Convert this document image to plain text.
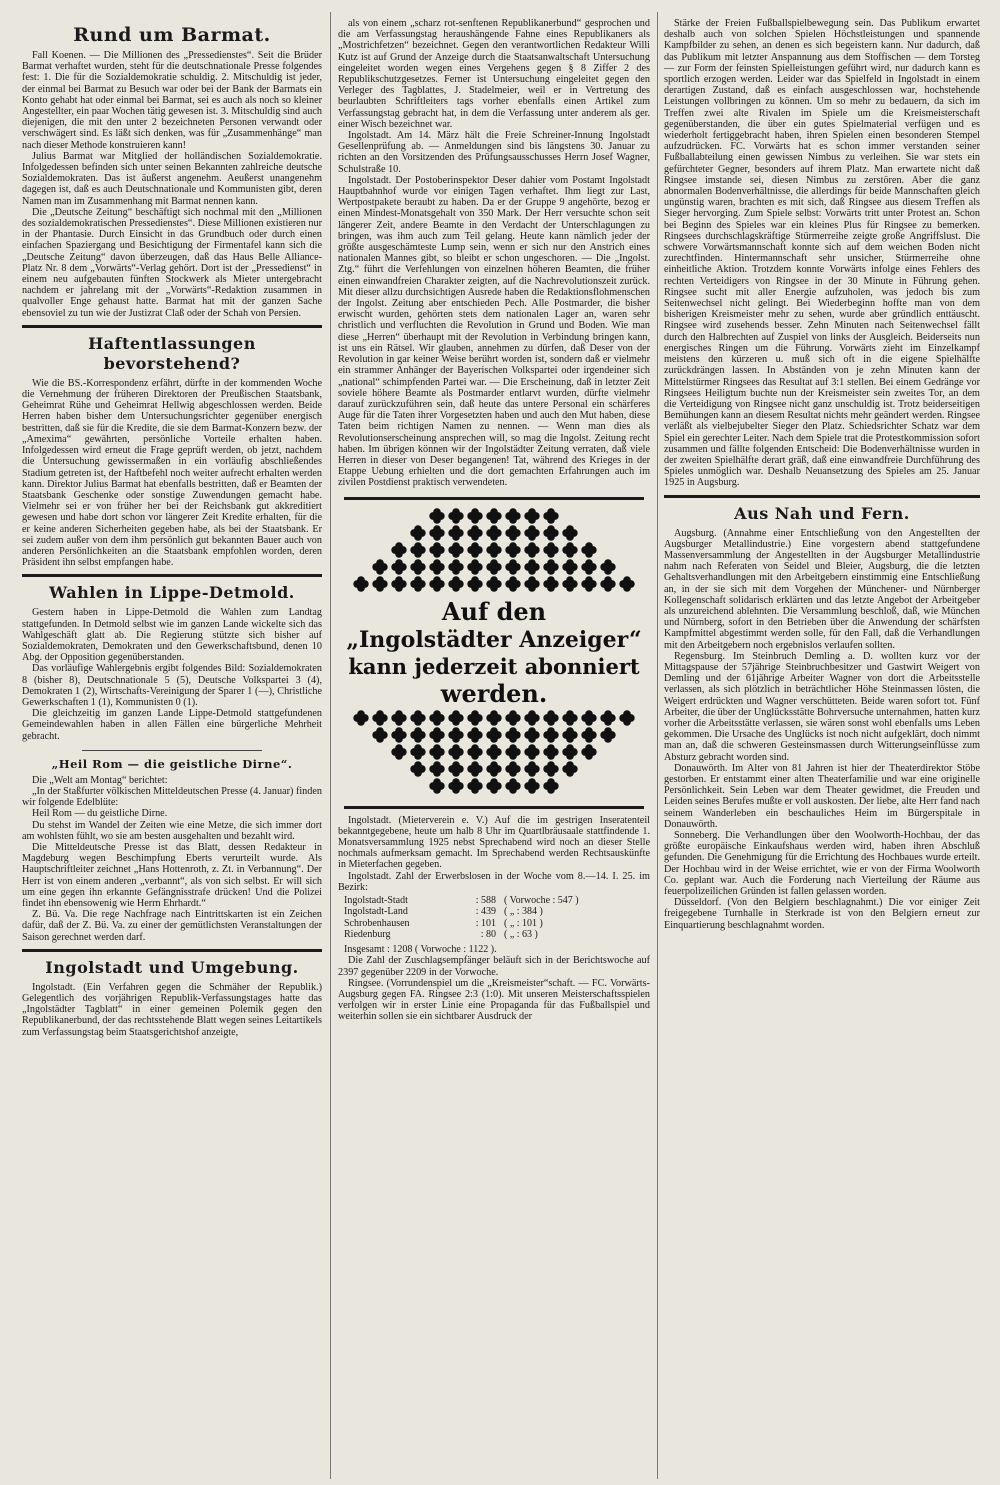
Rund um Barmat.

Fall Koenen. — Die Millionen des „Pressedienstes“. Seit die Brüder Barmat verhaftet wurden, steht für die deutschnationale Presse folgendes fest: 1. Die für die Sozialdemokratie schuldig. 2. Mitschuldig ist jeder, der einmal bei Barmat zu Besuch war oder bei der Bank der Barmats ein Konto gehabt hat oder einmal bei Barmat, sei es auch als noch so kleiner Angestellter, ein paar Wochen tätig gewesen ist. 3. Mitschuldig sind auch diejenigen, die mit den unter 2 bezeichneten Personen verwandt oder verschwägert sind. Es läßt sich denken, was für „Zusammenhänge“ man nach dieser Methode konstruieren kann!

Julius Barmat war Mitglied der holländischen Sozialdemokratie. Infolgedessen befinden sich unter seinen Bekannten zahlreiche deutsche Sozialdemokraten. Das ist äußerst angenehm. Aeußerst unangenehm dagegen ist, daß es auch Deutschnationale und Kommunisten gibt, deren Namen man im Zusammenhang mit Barmat nennen kann.

Die „Deutsche Zeitung“ beschäftigt sich nochmal mit den „Millionen des sozialdemokratischen Pressedienstes“. Diese Millionen existieren nur in der Phantasie. Durch Einsicht in das Grundbuch oder durch einen einfachen Spaziergang und Besichtigung der Firmentafel kann sich die „Deutsche Zeitung“ davon überzeugen, daß das Haus Belle Alliance-Platz Nr. 8 dem „Vorwärts“-Verlag gehört. Dort ist der „Pressedienst“ in einem neu aufgebauten fünften Stockwerk als Mieter untergebracht nachdem er jahrelang mit der „Vorwärts“-Redaktion zusammen in qualvoller Enge gehaust hatte. Barmat hat mit der ganzen Sache ebensoviel zu tun wie der Justizrat Claß oder der Schah von Persien.

Haftentlassungen bevorstehend?

Wie die BS.-Korrespondenz erfährt, dürfte in der kommenden Woche die Vernehmung der früheren Direktoren der Preußischen Staatsbank, Geheimrat Rühe und Geheimrat Hellwig abgeschlossen werden. Beide Herren haben bisher dem Untersuchungsrichter gegenüber energisch bestritten, daß sie für die Kredite, die sie dem Barmat-Konzern bezw. der „Amexima“ gewährten, persönliche Vorteile erhalten haben. Infolgedessen wird erneut die Frage geprüft werden, ob jetzt, nachdem die Untersuchung gewissermaßen in ein vorläufig abschließendes Stadium getreten ist, der Haftbefehl noch weiter aufrecht erhalten werden kann. Direktor Julius Barmat hat ebenfalls bestritten, daß er Beamten der Staatsbank Geschenke oder sonstige Zuwendungen gemacht habe. Vielmehr sei er von früher her bei der Reichsbank gut akkreditiert gewesen und habe dort schon vor längerer Zeit Kredite erhalten, für die er keine anderen Sicherheiten gegeben habe, als bei der Staatsbank. Er sei zudem außer von dem ihm persönlich gut bekannten Bauer auch von anderen Persönlichkeiten an die Staatsbank empfohlen worden, deren Präsident ihn selbst empfangen habe.

Wahlen in Lippe-Detmold.

Gestern haben in Lippe-Detmold die Wahlen zum Landtag stattgefunden. In Detmold selbst wie im ganzen Lande wickelte sich das Wahlgeschäft glatt ab. Die Regierung stützte sich bisher auf Sozialdemokraten, Demokraten und den Gewerkschaftsbund, denen 10 Abg. der Opposition gegenüberstanden.

Das vorläufige Wahlergebnis ergibt folgendes Bild: Sozialdemokraten 8 (bisher 8), Deutschnationale 5 (5), Deutsche Volkspartei 3 (4), Demokraten 1 (2), Wirtschafts-Vereinigung der Sparer 1 (—), Christliche Gewerkschaften 1 (1), Kommunisten 0 (1).

Die gleichzeitig im ganzen Lande Lippe-Detmold stattgefundenen Gemeindewahlen haben in allen Fällen eine bürgerliche Mehrheit gebracht.

„Heil Rom — die geistliche Dirne“.

Die „Welt am Montag“ berichtet:

„In der Staßfurter völkischen Mitteldeutschen Presse (4. Januar) finden wir folgende Edelblüte:

Heil Rom — du geistliche Dirne.

Du stehst im Wandel der Zeiten wie eine Metze, die sich immer dort am wohlsten fühlt, wo sie am besten ausgehalten und bezahlt wird.

Die Mitteldeutsche Presse ist das Blatt, dessen Redakteur in Magdeburg wegen Beschimpfung Eberts verurteilt wurde. Als Hauptschriftleiter zeichnet „Hans Hottenroth, z. Zt. in Verbannung“. Der Herr ist von einem anderen „verbannt“, als von sich selbst. Er will sich um eine gegen ihn erkannte Gefängnisstrafe drücken! Und die Polizei findet ihn ebensowenig wie Herrn Ehrhardt.“

Z. Bü. Va. Die rege Nachfrage nach Eintrittskarten ist ein Zeichen dafür, daß der Z. Bü. Va. zu einer der gemütlichsten Veranstaltungen der Saison gerechnet werden darf.

Ingolstadt und Umgebung.

Ingolstadt. (Ein Verfahren gegen die Schmäher der Republik.) Gelegentlich des vorjährigen Republik-Verfassungstages hatte das „Ingolstädter Tagblatt“ in einer gemeinen Polemik gegen den Republikanerbund, der das rechtsstehende Blatt wegen seines Leitartikels zum Verfassungstag beim Staatsgerichtshof anzeigte,

als von einem „scharz rot-senftenen Republikanerbund“ gesprochen und die am Verfassungstag heraushängende Fahne eines Republikaners als „Mostrichfetzen“ bezeichnet. Gegen den verantwortlichen Redakteur Willi Kutz ist auf Grund der Anzeige durch die Staatsanwaltschaft Untersuchung eingeleitet worden wegen eines Vergehens gegen § 8 Ziffer 2 des Republikschutzgesetzes. Ferner ist Untersuchung eingeleitet gegen den Verleger des Tagblattes, J. Stadelmeier, weil er in Vertretung des beurlaubten Schriftleiters tags vorher ebenfalls einen Artikel zum Verfassungstag gebracht hat, in dem die Verfassung unter anderem als ger. einer Wisch bezeichnet war.

Ingolstadt. Am 14. März hält die Freie Schreiner-Innung Ingolstadt Gesellenprüfung ab. — Anmeldungen sind bis längstens 30. Januar zu richten an den Vorsitzenden des Prüfungsausschusses Herrn Josef Wagner, Schulstraße 10.

Ingolstadt. Der Postoberinspektor Deser dahier vom Postamt Ingolstadt Hauptbahnhof wurde vor einigen Tagen verhaftet. Ihm liegt zur Last, Wertpostpakete beraubt zu haben. Da er der Gruppe 9 angehörte, bezog er einen Mindest-Monatsgehalt von 350 Mark. Der Herr versuchte schon seit längerer Zeit, andere Beamte in den Verdacht der Unterschlagungen zu bringen, was ihm auch zum Teil gelang. Heute kann nämlich jeder der größte ausgeschämteste Lump sein, wenn er sich nur den Anstrich eines nationalen Mannes gibt, so bleibt er schon ungeschoren. — Die „Ingolst. Ztg.“ führt die Verfehlungen von einzelnen höheren Beamten, die früher einen einwandfreien Charakter zeigten, auf die Nachrevolutionszeit zurück. Mit dieser allzu durchsichtigen Ausrede haben die Redaktionsflohmenschen der Ingolst. Zeitung aber entschieden Pech. Alle Postmarder, die bisher erwischt wurden, gehörten stets dem nationalen Lager an, waren sehr christlich und verfluchten die Revolution in Grund und Boden. Wie man diese „Herren“ überhaupt mit der Revolution in Verbindung bringen kann, ist uns ein Rätsel. Wir glauben, annehmen zu dürfen, daß Deser von der Revolution in gar keiner Weise berührt worden ist, sondern daß er vielmehr ein strammer Anhänger der Bayerischen Volkspartei oder irgendeiner sich „national“ schimpfenden Partei war. — Die Erscheinung, daß in letzter Zeit soviele höhere Beamte als Postmarder entlarvt wurden, dürfte vielmehr darauf zurückzuführen sein, daß heute das untere Personal ein schärferes Auge für die Taten ihrer Vorgesetzten haben und auch den Mut haben, diese Taten beim richtigen Namen zu nennen. — Wenn man dies als Revolutionserscheinung ansprechen will, so mag die Ingolst. Zeitung recht haben. Im übrigen können wir der Ingolstädter Zeitung verraten, daß viele Herren in dieser von Deser begangenen! Tat, während des Krieges in der Etappe Uebung erhielten und die dort gemachten Erfahrungen auch im zivilen Postdienst praktisch verwendeten.

Auf den
„Ingolstädter Anzeiger“
kann jederzeit abonniert
werden.

Ingolstadt. (Mieterverein e. V.) Auf die im gestrigen Inseratenteil bekanntgegebene, heute um halb 8 Uhr im Quartlbräusaale stattfindende 1. Monatsversammlung 1925 nebst Sprechabend wird noch an dieser Stelle nochmals aufmerksam gemacht. Im Sprechabend werden Rechtsauskünfte in Mieterfachen gegeben.

Ingolstadt. Zahl der Erwerbslosen in der Woche vom 8.—14. I. 25. im Bezirk:

Ingolstadt-Stadt	: 588 ( Vorwoche : 547 )
Ingolstadt-Land	: 439 ( „ : 384 )
Schrobenhausen	: 101 ( „ : 101 )
Riedenburg	: 80 ( „ : 63 )
Insgesamt : 1208 ( Vorwoche : 1122 ).

Die Zahl der Zuschlagsempfänger beläuft sich in der Berichtswoche auf 2397 gegenüber 2209 in der Vorwoche.

Ringsee. (Vorrundenspiel um die „Kreismeister“schaft. — FC. Vorwärts-Augsburg gegen FA. Ringsee 2:3 (1:0). Mit unseren Meisterschaftsspielen verfolgen wir in erster Linie eine Propaganda für das Fußballspiel und weiterhin sollen sie ein sichtbarer Ausdruck der

Stärke der Freien Fußballspielbewegung sein. Das Publikum erwartet deshalb auch von solchen Spielen Höchstleistungen und spannende Kampfbilder zu sehen, an denen es sich begeistern kann. Nur dadurch, daß das Publikum mit letzter Anspannung aus dem Stoffischen — dem Torsteg — zur Form der feinsten Spielleistungen geführt wird, nur dadurch kann es sportlich erzogen werden. Leider war das Spielfeld in Ingolstadt in einem derartigen Zustand, daß es einfach ausgeschlossen war, hochstehende Leistungen vollbringen zu können. Um so mehr zu bedauern, da sich im Treffen zwei alte Rivalen im Spiele um die Kreismeisterschaft gegenüberstanden, die über ein gutes Spielmaterial verfügen und es wiederholt fertiggebracht haben, ihren Spielen einen besonderen Stempel aufzudrücken. FC. Vorwärts hat es schon immer verstanden seiner Fußballabteilung einen gewissen Nimbus zu verleihen. Sie war stets ein gefürchteter Gegner, besonders auf ihrem Platz. Man erwartete nicht daß Ringsee imstande sei, diesen Nimbus zu zerstören. Aber die ganz abnormalen Bodenverhältnisse, die allerdings für beide Mannschaften gleich ungünstig waren, brachten es mit sich, daß Ringsee aus diesem Treffen als Sieger hervorging. Zum Spiele selbst: Vorwärts tritt unter Protest an. Schon bei Beginn des Spieles war ein kleines Plus für Ringsee zu bemerken. Ringsees durchschlagskräftige Stürmerreihe zeigte große Angriffslust. Die schwere Vorwärtsmannschaft konnte sich auf dem weichen Boden nicht zurechtfinden. Hintermannschaft sehr unsicher, Stürmerreihe ohne einheitliche Aktion. Trotzdem konnte Vorwärts infolge eines Fehlers des rechten Verteidigers von Ringsee in der 30 Minute in Führung gehen. Ringsee sucht mit aller Energie aufzuholen, was jedoch bis zum Seitenwechsel nicht gelingt. Bei Wiederbeginn hoffte man von dem bisherigen Kreismeister mehr zu sehen, wurde aber gründlich enttäuscht. Ringsee wird zusehends besser. Zehn Minuten nach Seitenwechsel fällt durch den Halbrechten auf Zuspiel von links der Ausgleich. Beiderseits nun energisches Ringen um die Führung. Vorwärts zieht im Einzelkampf meistens den kürzeren u. muß sich oft in die eigene Spielhälfte zurückdrängen lassen. In Abständen von je zehn Minuten kann der Mittelstürmer Ringsees das Resultat auf 3:1 stellen. Bei einem Gedränge vor Ringsees Heiligtum buchte nun der Kreismeister sein zweites Tor, an dem die Verteidigung von Ringsee nicht ganz unschuldig ist. Trotz beiderseitigen Bemühungen kann an diesem Resultat nichts mehr geändert werden. Ringsee verläßt als vielbejubelter Sieger den Platz. Schiedsrichter Schatz war dem Spiel ein gerechter Leiter. Nach dem Spiele trat die Protestkommission sofort zusammen und fällte folgenden Entscheid: Die Bodenverhältnisse wurden in der zweiten Spielhälfte derart gräß, daß eine einwandfreie Durchführung des Spieles unmöglich war. Deshalb Neuansetzung des Spieles am 25. Januar 1925 in Augsburg.

Aus Nah und Fern.

Augsburg. (Annahme einer Entschließung von den Angestellten der Augsburger Metallindustrie.) Eine vorgestern abend stattgefundene Massenversammlung der Angestellten in der Augsburger Metallindustrie nahm nach Referaten von Seidel und Bleier, Augsburg, die die letzten Gehaltsverhandlungen mit den Arbeitgebern einstimmig eine Entschließung an, in der sie sich mit dem Vorgehen der Münchener- und Nürnberger Kollegenschaft solidarisch erklärten und das letzte Angebot der Arbeitgeber als unzureichend ablehnten. Die Versammlung beschloß, daß, wie München und Nürnberg, sofort in den Betrieben über die Anwendung der schärfsten Kampfmittel abgestimmt werden solle, für den Fall, daß die Verhandlungen mit den Arbeitgebern noch ergebnislos verlaufen sollten.

Regensburg. Im Steinbruch Demling a. D. wollten kurz vor der Mittagspause der 57jährige Steinbruchbesitzer und Gastwirt Weigert von Demling und der 61jährige Arbeiter Wagner von dort die Arbeitsstelle verlassen, als sich plötzlich in beträchtlicher Höhe Steinmassen lösten, die Weigert erdrückten und Wagner verschütteten. Beide waren sofort tot. Fünf Arbeiter, die über der Unglücksstätte Bohrversuche unternahmen, hatten kurz vorher die Arbeitsstätte verlassen, sie wären sonst wohl ebenfalls ums Leben gekommen. Die Ursache des Unglücks ist noch nicht aufgeklärt, doch nimmt man an, daß die schweren Gesteinsmassen durch Witterungseinflüsse zum Absturz gebracht worden sind.

Donauwörth. Im Alter von 81 Jahren ist hier der Theaterdirektor Stöbe gestorben. Er entstammt einer alten Theaterfamilie und war eine originelle Persönlichkeit. Sein Leben war dem Theater gewidmet, die Freuden und Leiden seines Berufes mußte er voll auskosten. Der liebe, alte Herr fand nach seinem Wanderleben ein beschauliches Heim im Bürgerspitale in Donauwörth.

Sonneberg. Die Verhandlungen über den Woolworth-Hochbau, der das größte europäische Einkaufshaus werden wird, haben ihren Abschluß gefunden. Die Genehmigung für die Errichtung des Hochbaues wurde erteilt. Der Hochbau wird in der Weise errichtet, wie er von der Firma Woolworth Co. geplant war. Auch die Forderung nach Vierteilung der Räume aus feuerpolizeilichen Gründen ist fallen gelassen worden.

Düsseldorf. (Von den Belgiern beschlagnahmt.) Die vor einiger Zeit freigegebene Turnhalle in Sterkrade ist von den Belgiern erneut zur Einquartierung beschlagnahmt worden.
